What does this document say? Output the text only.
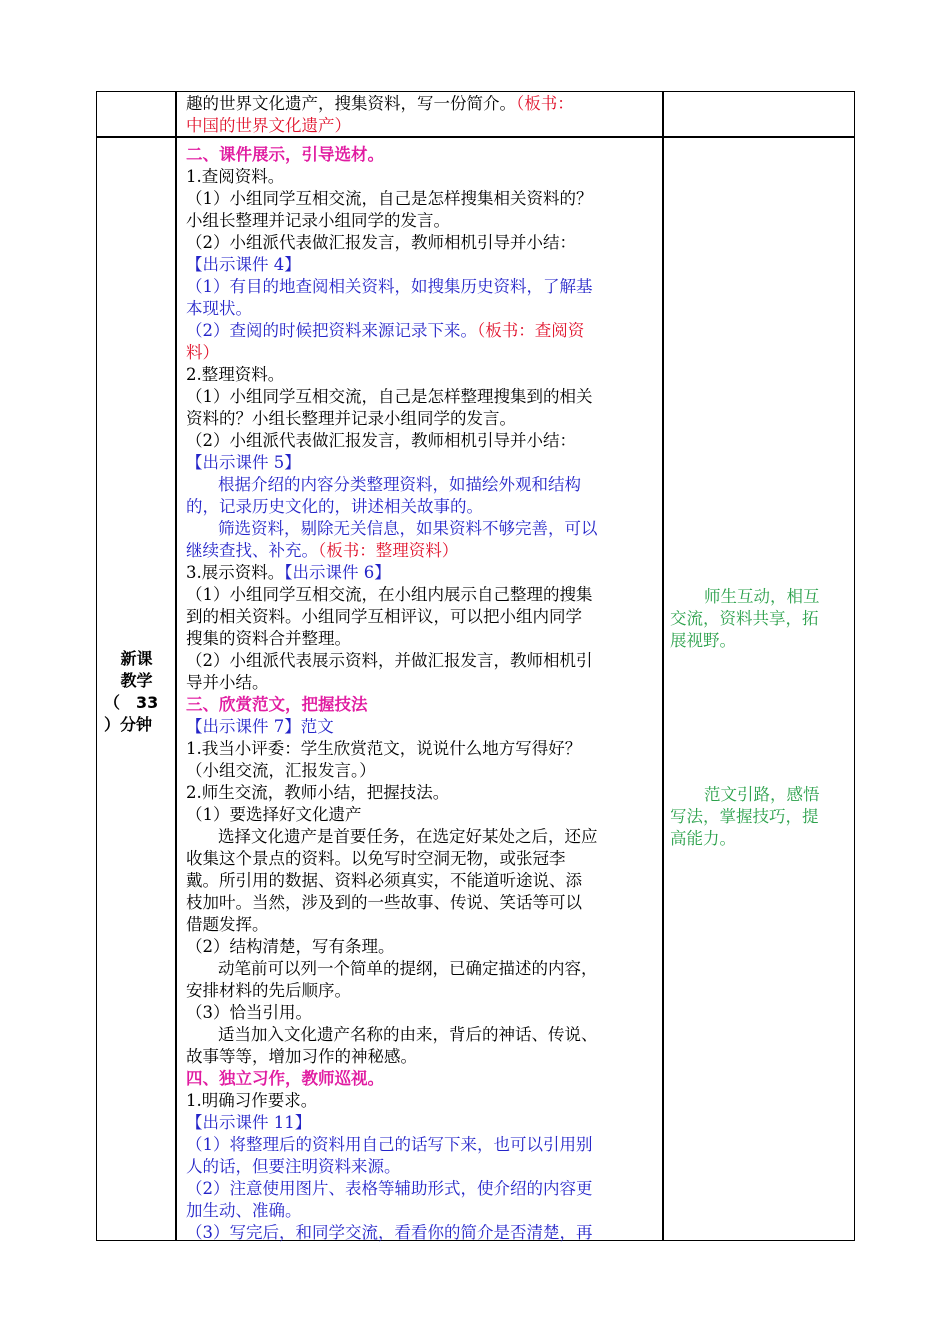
趣的世界文化遗产，搜集资料，写一份简介。（板书：
中国的世界文化遗产）
新课
教学
（　33
）分钟
二、课件展示，引导选材。
1.查阅资料。
（1）小组同学互相交流，自己是怎样搜集相关资料的？
小组长整理并记录小组同学的发言。
（2）小组派代表做汇报发言，教师相机引导并小结：
【出示课件 4】
（1）有目的地查阅相关资料，如搜集历史资料，了解基
本现状。
（2）查阅的时候把资料来源记录下来。（板书：查阅资
料）
2.整理资料。
（1）小组同学互相交流，自己是怎样整理搜集到的相关
资料的？小组长整理并记录小组同学的发言。
（2）小组派代表做汇报发言，教师相机引导并小结：
【出示课件 5】
根据介绍的内容分类整理资料，如描绘外观和结构
的，记录历史文化的，讲述相关故事的。
筛选资料，剔除无关信息，如果资料不够完善，可以
继续查找、补充。（板书：整理资料）
3.展示资料。【出示课件 6】
（1）小组同学互相交流，在小组内展示自己整理的搜集
到的相关资料。小组同学互相评议，可以把小组内同学
搜集的资料合并整理。
（2）小组派代表展示资料，并做汇报发言，教师相机引
导并小结。
三、欣赏范文，把握技法
【出示课件 7】范文
1.我当小评委：学生欣赏范文，说说什么地方写得好？
（小组交流，汇报发言。）
2.师生交流，教师小结，把握技法。
（1）要选择好文化遗产
选择文化遗产是首要任务，在选定好某处之后，还应
收集这个景点的资料。以免写时空洞无物，或张冠李
戴。所引用的数据、资料必须真实，不能道听途说、添
枝加叶。当然，涉及到的一些故事、传说、笑话等可以
借题发挥。
（2）结构清楚，写有条理。
动笔前可以列一个简单的提纲，已确定描述的内容，
安排材料的先后顺序。
（3）恰当引用。
适当加入文化遗产名称的由来，背后的神话、传说、
故事等等，增加习作的神秘感。
四、独立习作，教师巡视。
1.明确习作要求。
【出示课件 11】
（1）将整理后的资料用自己的话写下来，也可以引用别
人的话，但要注明资料来源。
（2）注意使用图片、表格等辅助形式，使介绍的内容更
加生动、准确。
（3）写完后，和同学交流，看看你的简介是否清楚，再
师生互动，相互
交流，资料共享，拓
展视野。
范文引路，感悟
写法，掌握技巧，提
高能力。
